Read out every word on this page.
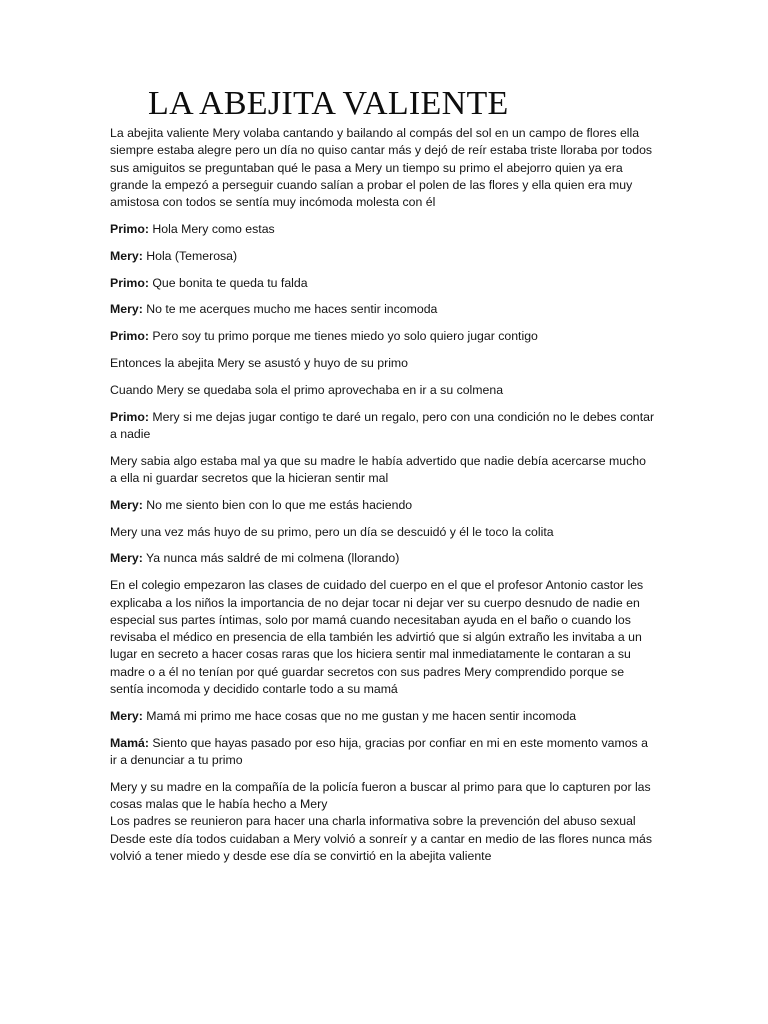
LA ABEJITA VALIENTE

La abejita valiente Mery volaba cantando y bailando al compás del sol en un campo de flores ella siempre estaba alegre pero un día no quiso cantar más y dejó de reír estaba triste lloraba por todos sus amiguitos se preguntaban qué le pasa a Mery un tiempo su primo el abejorro quien ya era grande la empezó a perseguir cuando salían a probar el polen de las flores y ella quien era muy amistosa con todos se sentía muy incómoda molesta con él

Primo: Hola Mery como estas

Mery: Hola (Temerosa)

Primo: Que bonita te queda tu falda

Mery: No te me acerques mucho me haces sentir incomoda

Primo: Pero soy tu primo porque me tienes miedo yo solo quiero jugar contigo

Entonces la abejita Mery se asustó y huyo de su primo

Cuando Mery se quedaba sola el primo aprovechaba en ir a su colmena

Primo: Mery si me dejas jugar contigo te daré un regalo, pero con una condición no le debes contar a nadie

Mery sabia algo estaba mal ya que su madre le había advertido que nadie debía acercarse mucho a ella ni guardar secretos que la hicieran sentir mal

Mery: No me siento bien con lo que me estás haciendo

Mery una vez más huyo de su primo, pero un día se descuidó y él le toco la colita

Mery: Ya nunca más saldré de mi colmena (llorando)

En el colegio empezaron las clases de cuidado del cuerpo en el que el profesor Antonio castor les explicaba a los niños la importancia de no dejar tocar ni dejar ver su cuerpo desnudo de nadie en especial sus partes íntimas, solo por mamá cuando necesitaban ayuda en el baño o cuando los revisaba el médico en presencia de ella también les advirtió que si algún extraño les invitaba a un lugar en secreto a hacer cosas raras que los hiciera sentir mal inmediatamente le contaran a su madre o a él no tenían por qué guardar secretos con sus padres Mery comprendido porque se sentía incomoda y decidido contarle todo a su mamá

Mery: Mamá mi primo me hace cosas que no me gustan y me hacen sentir incomoda

Mamá: Siento que hayas pasado por eso hija, gracias por confiar en mi en este momento vamos a ir a denunciar a tu primo

Mery y su madre en la compañía de la policía fueron a buscar al primo para que lo capturen por las cosas malas que le había hecho a Mery

Los padres se reunieron para hacer una charla informativa sobre la prevención del abuso sexual

Desde este día todos cuidaban a Mery volvió a sonreír y a cantar en medio de las flores nunca más volvió a tener miedo y desde ese día se convirtió en la abejita valiente
